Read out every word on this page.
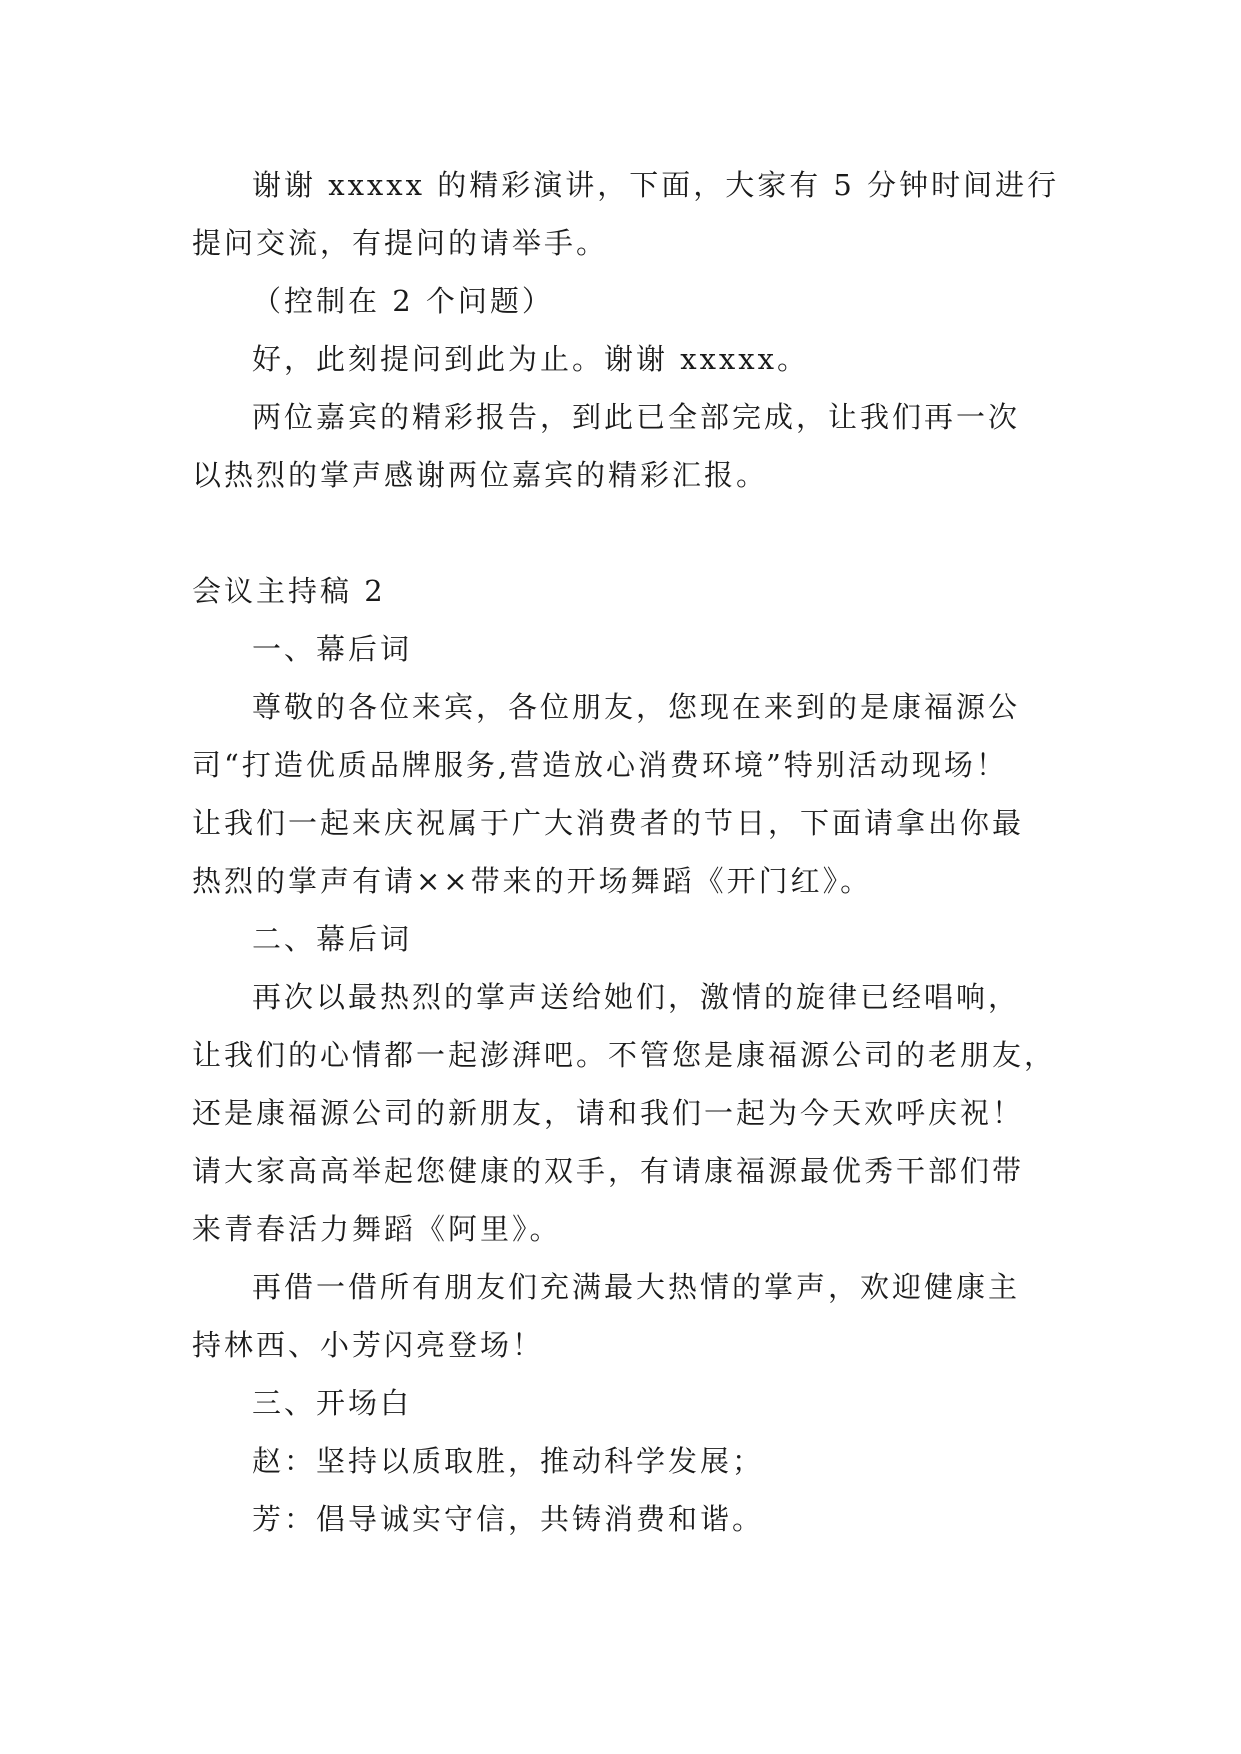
谢谢 xxxxx 的精彩演讲，下面，大家有 5 分钟时间进行
提问交流，有提问的请举手。
（控制在 2 个问题）
好，此刻提问到此为止。谢谢 xxxxx。
两位嘉宾的精彩报告，到此已全部完成，让我们再一次
以热烈的掌声感谢两位嘉宾的精彩汇报。
会议主持稿 2
一、幕后词
尊敬的各位来宾，各位朋友，您现在来到的是康福源公
司“打造优质品牌服务,营造放心消费环境”特别活动现场！
让我们一起来庆祝属于广大消费者的节日，下面请拿出你最
热烈的掌声有请××带来的开场舞蹈《开门红》。
二、幕后词
再次以最热烈的掌声送给她们，激情的旋律已经唱响，
让我们的心情都一起澎湃吧。不管您是康福源公司的老朋友，
还是康福源公司的新朋友，请和我们一起为今天欢呼庆祝！
请大家高高举起您健康的双手，有请康福源最优秀干部们带
来青春活力舞蹈《阿里》。
再借一借所有朋友们充满最大热情的掌声，欢迎健康主
持林西、小芳闪亮登场！
三、开场白
赵：坚持以质取胜，推动科学发展；
芳：倡导诚实守信，共铸消费和谐。
